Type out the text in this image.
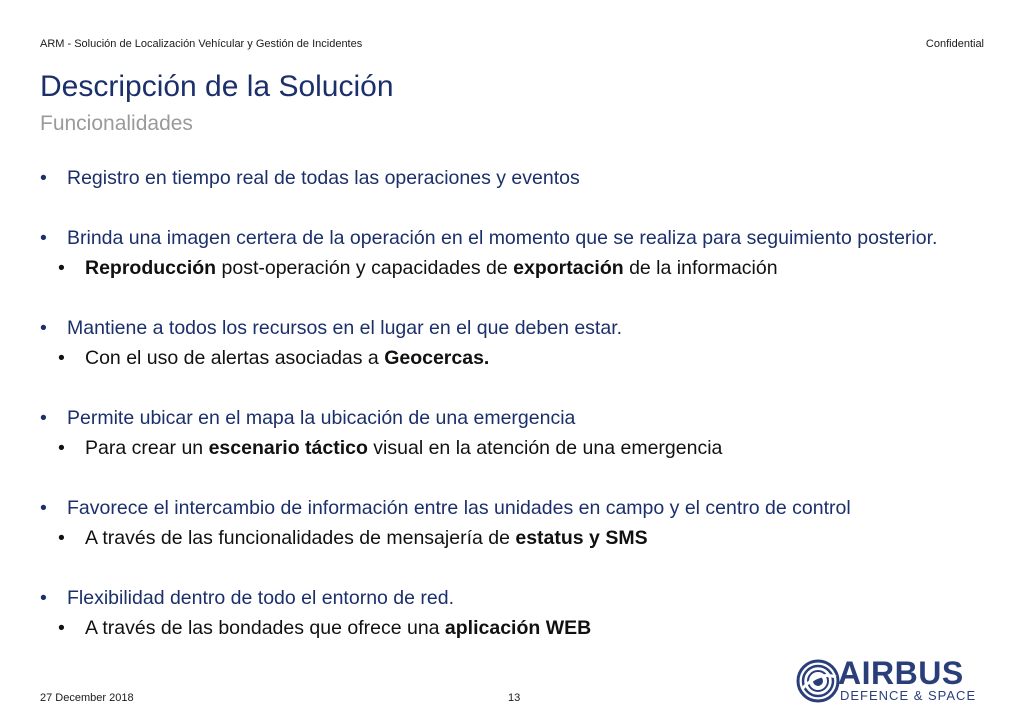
ARM - Solución de Localización Vehícular y Gestión de Incidentes	Confidential
Descripción de la Solución
Funcionalidades
• Registro en tiempo real de todas las operaciones y eventos
• Brinda una imagen certera de la operación en el momento que se realiza para seguimiento posterior.
• Reproducción post-operación y capacidades de exportación de la información
• Mantiene a todos los recursos en el lugar en el que deben estar.
• Con el uso de alertas asociadas a Geocercas.
• Permite ubicar en el mapa la ubicación de una emergencia
• Para crear un escenario táctico visual en la atención de una emergencia
• Favorece el intercambio de información entre las unidades en campo y el centro de control
• A través de las funcionalidades de mensajería de estatus y SMS
• Flexibilidad dentro de todo el entorno de red.
• A través de las bondades que ofrece una aplicación WEB
27 December 2018	13
AIRBUS
DEFENCE & SPACE
